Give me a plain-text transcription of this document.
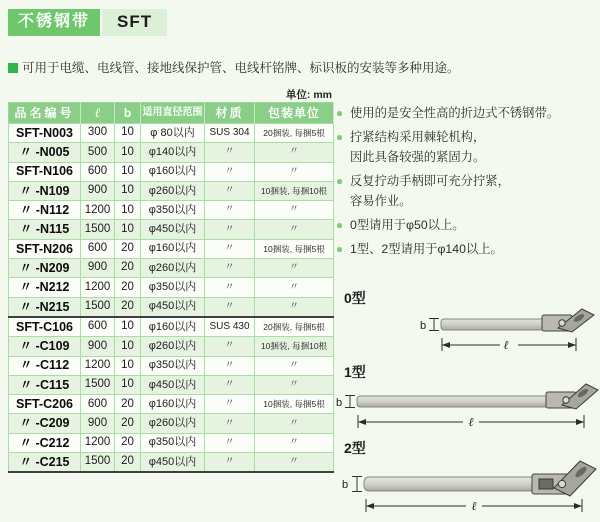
不锈钢带	SFT
可用于电缆、电线管、接地线保护管、电线杆铭牌、标识板的安装等多种用途。
单位: mm
品名编号	ℓ	b	适用直径范围	材质	包装单位
SFT-N003	300	10	φ 80以内	SUS 304	20捆装, 每捆5根
〃 -N005	500	10	φ140以内	〃	〃
SFT-N106	600	10	φ160以内	〃	〃
〃 -N109	900	10	φ260以内	〃	10捆装, 每捆10根
〃 -N112	1200	10	φ350以内	〃	〃
〃 -N115	1500	10	φ450以内	〃	〃
SFT-N206	600	20	φ160以内	〃	10捆装, 每捆5根
〃 -N209	900	20	φ260以内	〃	〃
〃 -N212	1200	20	φ350以内	〃	〃
〃 -N215	1500	20	φ450以内	〃	〃
SFT-C106	600	10	φ160以内	SUS 430	20捆装, 每捆5根
〃 -C109	900	10	φ260以内	〃	10捆装, 每捆10根
〃 -C112	1200	10	φ350以内	〃	〃
〃 -C115	1500	10	φ450以内	〃	〃
SFT-C206	600	20	φ160以内	〃	10捆装, 每捆5根
〃 -C209	900	20	φ260以内	〃	〃
〃 -C212	1200	20	φ350以内	〃	〃
〃 -C215	1500	20	φ450以内	〃	〃
● 使用的是安全性高的折边式不锈钢带。
● 拧紧结构采用棘轮机构，
因此具备较强的紧固力。
● 反复拧动手柄即可充分拧紧，
容易作业。
● 0型请用于φ50以上。
● 1型、2型请用于φ140以上。
0型
b
ℓ
1型
b
ℓ
2型
b
ℓ
